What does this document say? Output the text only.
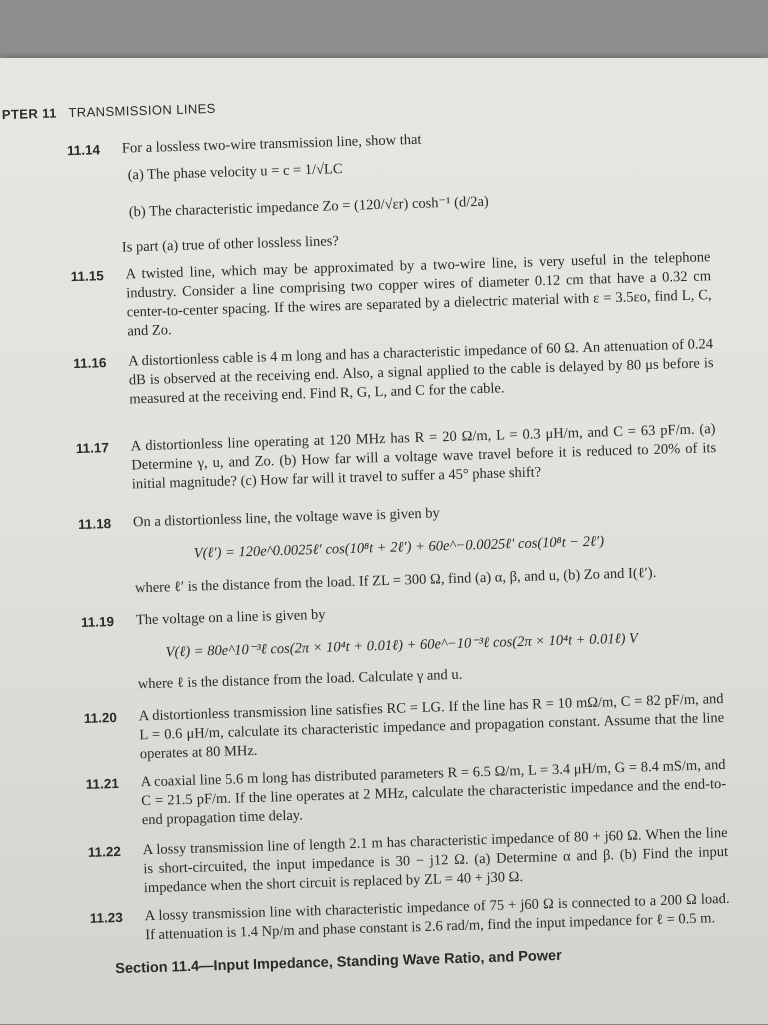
PTER 11 TRANSMISSION LINES
11.14 For a lossless two-wire transmission line, show that
(a) The phase velocity u = c = 1/√LC
(b) The characteristic impedance Zo = (120/√εr) cosh⁻¹ (d/2a)
Is part (a) true of other lossless lines?
11.15 A twisted line, which may be approximated by a two-wire line, is very useful in the telephone industry. Consider a line comprising two copper wires of diameter 0.12 cm that have a 0.32 cm center-to-center spacing. If the wires are separated by a dielectric material with ε = 3.5εo, find L, C, and Zo.
11.16 A distortionless cable is 4 m long and has a characteristic impedance of 60 Ω. An attenuation of 0.24 dB is observed at the receiving end. Also, a signal applied to the cable is delayed by 80 μs before is measured at the receiving end. Find R, G, L, and C for the cable.
11.17 A distortionless line operating at 120 MHz has R = 20 Ω/m, L = 0.3 μH/m, and C = 63 pF/m. (a) Determine γ, u, and Zo. (b) How far will a voltage wave travel before it is reduced to 20% of its initial magnitude? (c) How far will it travel to suffer a 45° phase shift?
11.18 On a distortionless line, the voltage wave is given by
V(ℓ′) = 120e^0.0025ℓ′ cos(10⁸t + 2ℓ′) + 60e^−0.0025ℓ′ cos(10⁸t − 2ℓ′)
where ℓ′ is the distance from the load. If ZL = 300 Ω, find (a) α, β, and u, (b) Zo and I(ℓ′).
11.19 The voltage on a line is given by
V(ℓ) = 80e^10⁻³ℓ cos(2π × 10⁴t + 0.01ℓ) + 60e^−10⁻³ℓ cos(2π × 10⁴t + 0.01ℓ) V
where ℓ is the distance from the load. Calculate γ and u.
11.20 A distortionless transmission line satisfies RC = LG. If the line has R = 10 mΩ/m, C = 82 pF/m, and L = 0.6 μH/m, calculate its characteristic impedance and propagation constant. Assume that the line operates at 80 MHz.
11.21 A coaxial line 5.6 m long has distributed parameters R = 6.5 Ω/m, L = 3.4 μH/m, G = 8.4 mS/m, and C = 21.5 pF/m. If the line operates at 2 MHz, calculate the characteristic impedance and the end-to-end propagation time delay.
11.22 A lossy transmission line of length 2.1 m has characteristic impedance of 80 + j60 Ω. When the line is short-circuited, the input impedance is 30 − j12 Ω. (a) Determine α and β. (b) Find the input impedance when the short circuit is replaced by ZL = 40 + j30 Ω.
11.23 A lossy transmission line with characteristic impedance of 75 + j60 Ω is connected to a 200 Ω load. If attenuation is 1.4 Np/m and phase constant is 2.6 rad/m, find the input impedance for ℓ = 0.5 m.
Section 11.4—Input Impedance, Standing Wave Ratio, and Power
